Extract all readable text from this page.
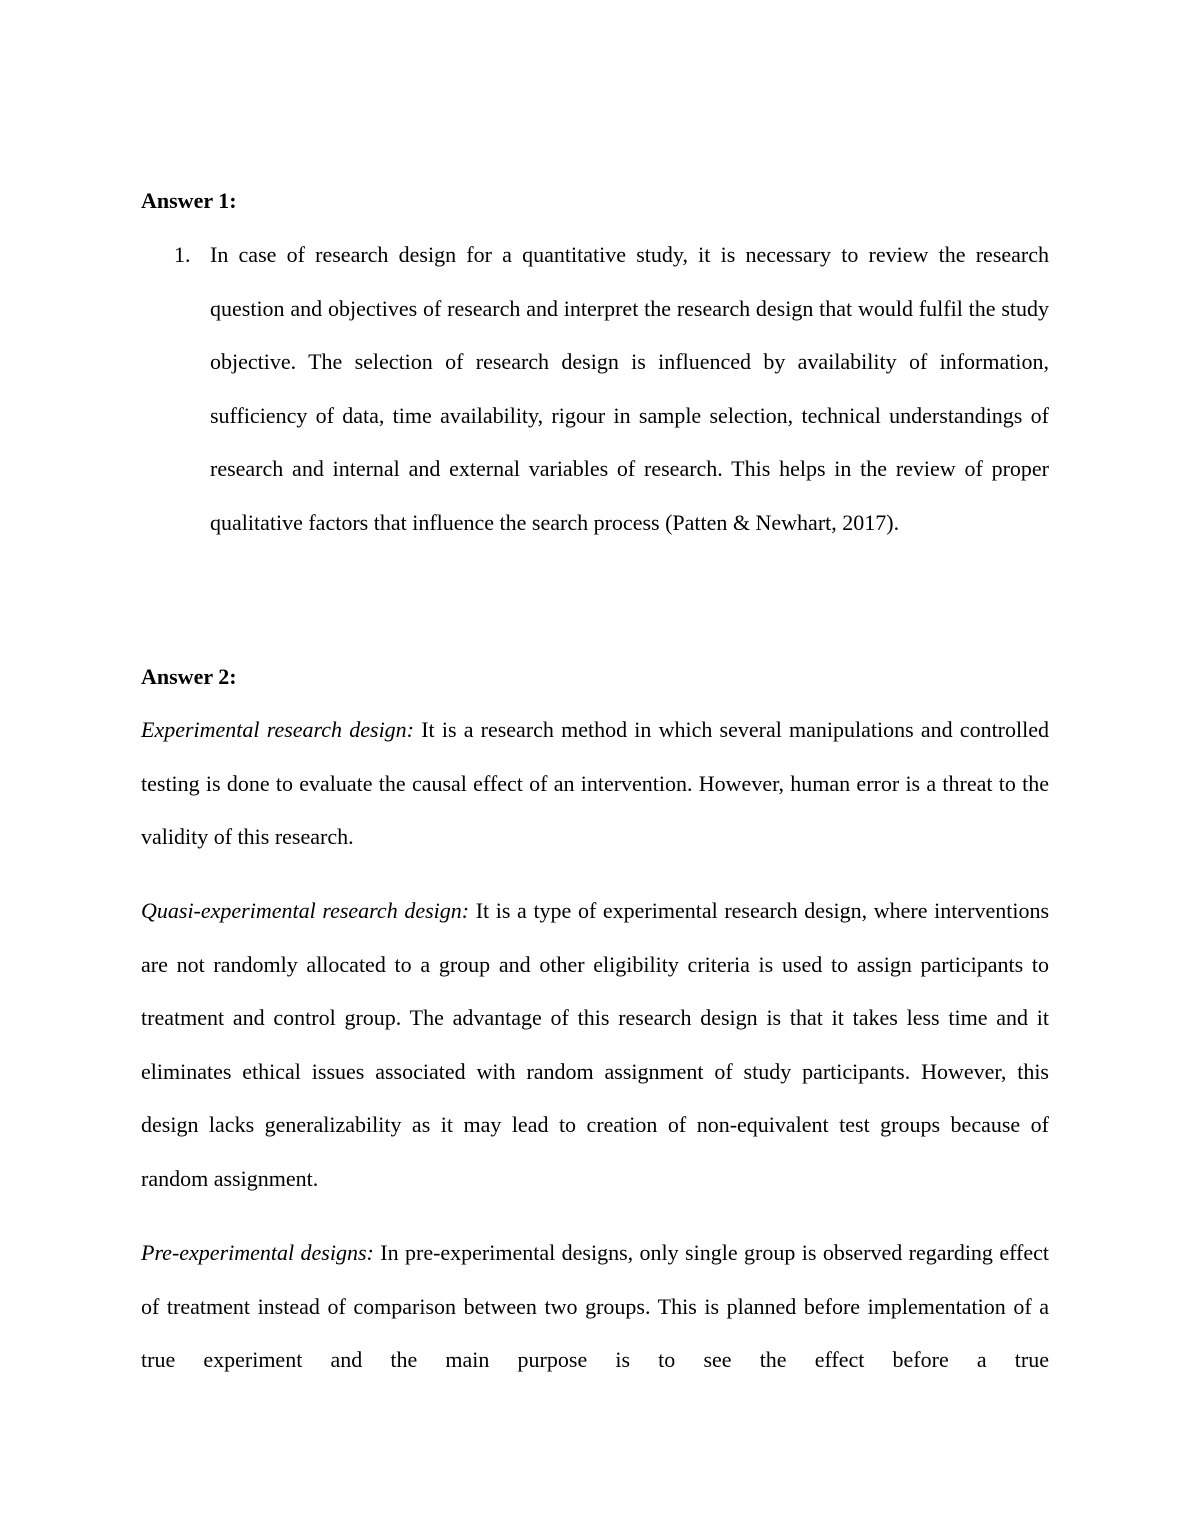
Answer 1:
1. In case of research design for a quantitative study, it is necessary to review the research question and objectives of research and interpret the research design that would fulfil the study objective. The selection of research design is influenced by availability of information, sufficiency of data, time availability, rigour in sample selection, technical understandings of research and internal and external variables of research. This helps in the review of proper qualitative factors that influence the search process (Patten & Newhart, 2017).

Answer 2:

Experimental research design: It is a research method in which several manipulations and controlled testing is done to evaluate the causal effect of an intervention. However, human error is a threat to the validity of this research.

Quasi-experimental research design: It is a type of experimental research design, where interventions are not randomly allocated to a group and other eligibility criteria is used to assign participants to treatment and control group. The advantage of this research design is that it takes less time and it eliminates ethical issues associated with random assignment of study participants. However, this design lacks generalizability as it may lead to creation of non-equivalent test groups because of random assignment.

Pre-experimental designs: In pre-experimental designs, only single group is observed regarding effect of treatment instead of comparison between two groups. This is planned before implementation of a true experiment and the main purpose is to see the effect before a true
